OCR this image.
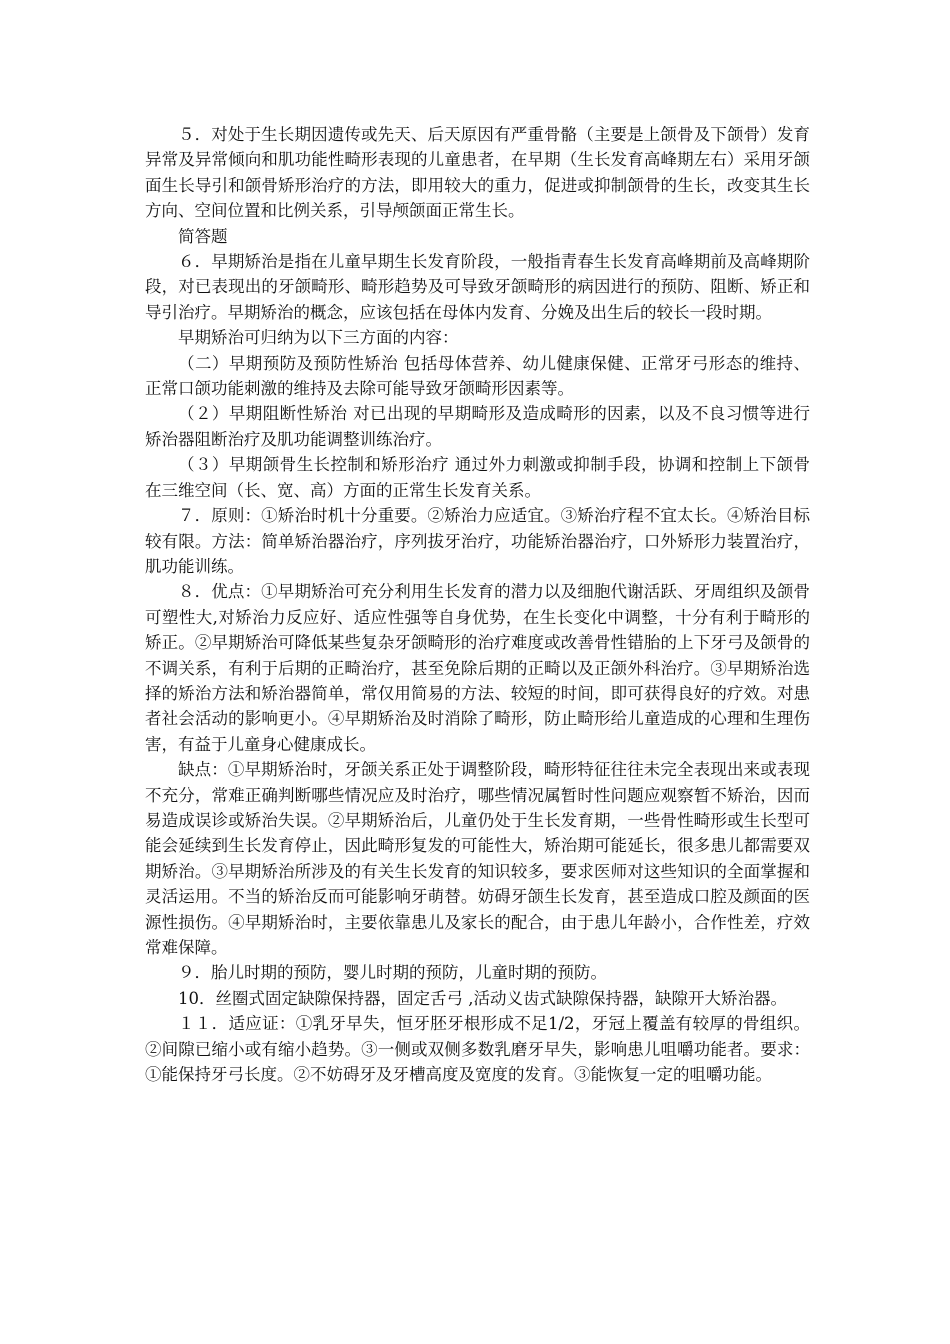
５．对处于生长期因遗传或先天、后天原因有严重骨骼（主要是上颌骨及下颌骨）发育异常及异常倾向和肌功能性畸形表现的儿童患者，在早期（生长发育高峰期左右）采用牙颌面生长导引和颌骨矫形治疗的方法，即用较大的重力，促进或抑制颌骨的生长，改变其生长方向、空间位置和比例关系，引导颅颌面正常生长。

简答题

６．早期矫治是指在儿童早期生长发育阶段，一般指青春生长发育高峰期前及高峰期阶段，对已表现出的牙颌畸形、畸形趋势及可导致牙颌畸形的病因进行的预防、阻断、矫正和导引治疗。早期矫治的概念，应该包括在母体内发育、分娩及出生后的较长一段时期。

早期矫治可归纳为以下三方面的内容：

（二）早期预防及预防性矫治 包括母体营养、幼儿健康保健、正常牙弓形态的维持、正常口颌功能刺激的维持及去除可能导致牙颌畸形因素等。

（２）早期阻断性矫治 对已出现的早期畸形及造成畸形的因素，以及不良习惯等进行矫治器阻断治疗及肌功能调整训练治疗。

（３）早期颌骨生长控制和矫形治疗 通过外力刺激或抑制手段，协调和控制上下颌骨在三维空间（长、宽、高）方面的正常生长发育关系。

７．原则：①矫治时机十分重要。②矫治力应适宜。③矫治疗程不宜太长。④矫治目标较有限。方法：简单矫治器治疗，序列拔牙治疗，功能矫治器治疗，口外矫形力装置治疗，肌功能训练。

８．优点：①早期矫治可充分利用生长发育的潜力以及细胞代谢活跃、牙周组织及颌骨可塑性大,对矫治力反应好、适应性强等自身优势，在生长变化中调整，十分有利于畸形的矫正。②早期矫治可降低某些复杂牙颌畸形的治疗难度或改善骨性错胎的上下牙弓及颌骨的不调关系，有利于后期的正畸治疗，甚至免除后期的正畸以及正颌外科治疗。③早期矫治选择的矫治方法和矫治器简单，常仅用简易的方法、较短的时间，即可获得良好的疗效。对患者社会活动的影响更小。④早期矫治及时消除了畸形，防止畸形给儿童造成的心理和生理伤害，有益于儿童身心健康成长。

缺点：①早期矫治时，牙颌关系正处于调整阶段，畸形特征往往未完全表现出来或表现不充分，常难正确判断哪些情况应及时治疗，哪些情况属暂时性问题应观察暂不矫治，因而易造成误诊或矫治失误。②早期矫治后，儿童仍处于生长发育期，一些骨性畸形或生长型可能会延续到生长发育停止，因此畸形复发的可能性大，矫治期可能延长，很多患儿都需要双期矫治。③早期矫治所涉及的有关生长发育的知识较多，要求医师对这些知识的全面掌握和灵活运用。不当的矫治反而可能影响牙萌替。妨碍牙颌生长发育，甚至造成口腔及颜面的医源性损伤。④早期矫治时，主要依靠患儿及家长的配合，由于患儿年龄小，合作性差，疗效常难保障。

９．胎儿时期的预防，婴儿时期的预防，儿童时期的预防。

10．丝圈式固定缺隙保持器，固定舌弓 ,活动义齿式缺隙保持器，缺隙开大矫治器。

１１．适应证：①乳牙早失，恒牙胚牙根形成不足1/2，牙冠上覆盖有较厚的骨组织。②间隙已缩小或有缩小趋势。③一侧或双侧多数乳磨牙早失，影响患儿咀嚼功能者。要求：①能保持牙弓长度。②不妨碍牙及牙槽高度及宽度的发育。③能恢复一定的咀嚼功能。
